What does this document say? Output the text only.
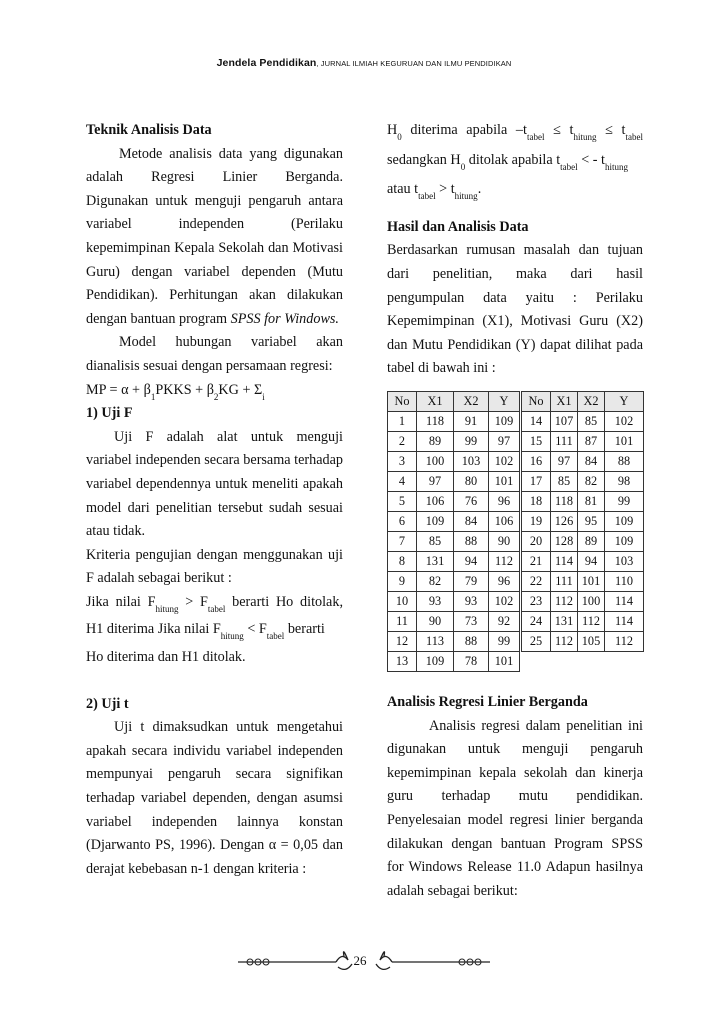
Jendela Pendidikan, JURNAL ILMIAH KEGURUAN DAN ILMU PENDIDIKAN

Teknik Analisis Data

Metode analisis data yang digunakan

adalah Regresi Linier Berganda.

Digunakan untuk menguji pengaruh antara variabel independen (Perilaku kepemimpinan Kepala Sekolah dan Motivasi Guru) dengan variabel dependen (Mutu Pendidikan). Perhitungan akan dilakukan dengan bantuan program SPSS for Windows.

Model hubungan variabel akan dianalisis sesuai dengan persamaan regresi:

MP = $\alpha + \beta_1PKKS + \beta_2KG + \Sigma_i$

1) Uji F

Uji F adalah alat untuk menguji variabel independen secara bersama terhadap variabel dependennya untuk meneliti apakah model dari penelitian tersebut sudah sesuai atau tidak.

Kriteria pengujian dengan menggunakan uji F adalah sebagai berikut :

Jika nilai $F_{hitung} > F_{tabel}$ berarti Ho ditolak,

H1 diterima Jika nilai $F_{hitung} < F_{tabel}$ berarti

Ho diterima dan H1 ditolak.

2) Uji t

Uji t dimaksudkan untuk mengetahui apakah secara individu variabel independen mempunyai pengaruh secara signifikan terhadap variabel dependen, dengan asumsi variabel independen lainnya konstan (Djarwanto PS, 1996). Dengan α = 0,05 dan derajat kebebasan n-1 dengan kriteria :

$H_0$ diterima apabila $-t_{tabel} \le t_{hitung} \le t_{tabel}$

sedangkan $H_0$ ditolak apabila $t_{tabel}$ < - $t_{hitung}$

atau $t_{tabel} > t_{hitung}$.

Hasil dan Analisis Data

Berdasarkan rumusan masalah dan tujuan dari penelitian, maka dari hasil pengumpulan data yaitu : Perilaku Kepemimpinan (X1), Motivasi Guru (X2) dan Mutu Pendidikan (Y) dapat dilihat pada tabel di bawah ini :

No	X1	X2	Y
1	118	91	109
2	89	99	97
3	100	103	102
4	97	80	101
5	106	76	96
6	109	84	106
7	85	88	90
8	131	94	112
9	82	79	96
10	93	93	102
11	90	73	92
12	113	88	99
13	109	78	101
No	X1	X2	Y
14	107	85	102
15	111	87	101
16	97	84	88
17	85	82	98
18	118	81	99
19	126	95	109
20	128	89	109
21	114	94	103
22	111	101	110
23	112	100	114
24	131	112	114
25	112	105	112

Analisis Regresi Linier Berganda

Analisis regresi dalam penelitian ini digunakan untuk menguji pengaruh kepemimpinan kepala sekolah dan kinerja guru terhadap mutu pendidikan. Penyelesaian model regresi linier berganda dilakukan dengan bantuan Program SPSS for Windows Release 11.0 Adapun hasilnya adalah sebagai berikut:

26
